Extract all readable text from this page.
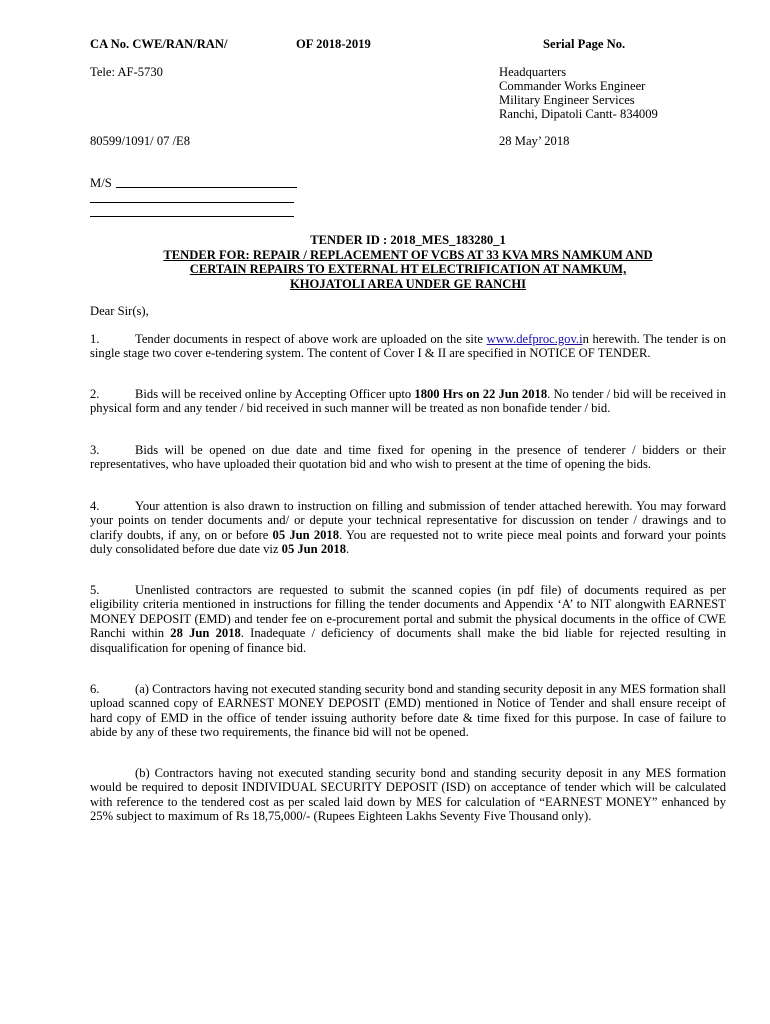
CA No. CWE/RAN/RAN/	OF 2018-2019	Serial Page No.
Tele: AF-5730	Headquarters
Commander Works Engineer
Military Engineer Services
Ranchi, Dipatoli Cantt- 834009
80599/1091/ 07 /E8	28 May’ 2018
M/S
TENDER ID : 2018_MES_183280_1
TENDER FOR: REPAIR / REPLACEMENT OF VCBS AT 33 KVA MRS NAMKUM AND
CERTAIN REPAIRS TO EXTERNAL HT ELECTRIFICATION AT NAMKUM,
KHOJATOLI AREA UNDER GE RANCHI
Dear Sir(s),
1.	Tender documents in respect of above work are uploaded on the site www.defproc.gov.in herewith. The tender is on single stage two cover e-tendering system. The content of Cover I & II are specified in NOTICE OF TENDER.
2.	Bids will be received online by Accepting Officer upto 1800 Hrs on 22 Jun 2018. No tender / bid will be received in physical form and any tender / bid received in such manner will be treated as non bonafide tender / bid.
3.	Bids will be opened on due date and time fixed for opening in the presence of tenderer / bidders or their representatives, who have uploaded their quotation bid and who wish to present at the time of opening the bids.
4.	Your attention is also drawn to instruction on filling and submission of tender attached herewith. You may forward your points on tender documents and/ or depute your technical representative for discussion on tender / drawings and to clarify doubts, if any, on or before 05 Jun 2018. You are requested not to write piece meal points and forward your points duly consolidated before due date viz 05 Jun 2018.
5.	Unenlisted contractors are requested to submit the scanned copies (in pdf file) of documents required as per eligibility criteria mentioned in instructions for filling the tender documents and Appendix ‘A’ to NIT alongwith EARNEST MONEY DEPOSIT (EMD) and tender fee on e-procurement portal and submit the physical documents in the office of CWE Ranchi within 28 Jun 2018. Inadequate / deficiency of documents shall make the bid liable for rejected resulting in disqualification for opening of finance bid.
6.	(a) Contractors having not executed standing security bond and standing security deposit in any MES formation shall upload scanned copy of EARNEST MONEY DEPOSIT (EMD) mentioned in Notice of Tender and shall ensure receipt of hard copy of EMD in the office of tender issuing authority before date & time fixed for this purpose. In case of failure to abide by any of these two requirements, the finance bid will not be opened.
(b) Contractors having not executed standing security bond and standing security deposit in any MES formation would be required to deposit INDIVIDUAL SECURITY DEPOSIT (ISD) on acceptance of tender which will be calculated with reference to the tendered cost as per scaled laid down by MES for calculation of “EARNEST MONEY” enhanced by 25% subject to maximum of Rs 18,75,000/- (Rupees Eighteen Lakhs Seventy Five Thousand only).
